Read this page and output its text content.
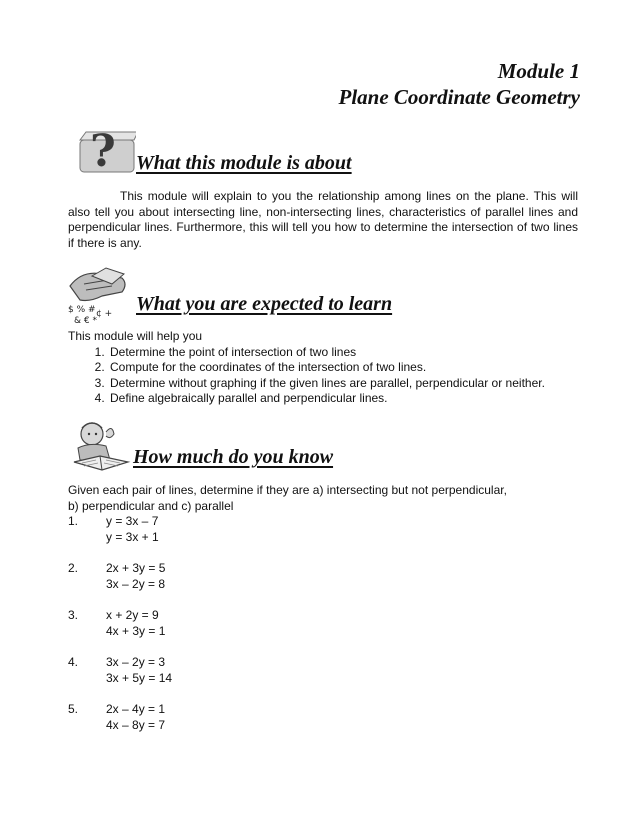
Module 1
Plane Coordinate Geometry
? What this module is about
This module will explain to you the relationship among lines on the plane. This will also tell you about intersecting line, non-intersecting lines, characteristics of parallel lines and perpendicular lines. Furthermore, this will tell you how to determine the intersection of two lines if there is any.
$ % #
& € *
¢ + What you are expected to learn
This module will help you
1. Determine the point of intersection of two lines
2. Compute for the coordinates of the intersection of two lines.
3. Determine without graphing if the given lines are parallel, perpendicular or neither.
4. Define algebraically parallel and perpendicular lines.
How much do you know
Given each pair of lines, determine if they are a) intersecting but not perpendicular,
b) perpendicular and c) parallel
1.	y = 3x – 7
y = 3x + 1
2.	2x + 3y = 5
3x – 2y = 8
3.	x + 2y = 9
4x + 3y = 1
4.	3x – 2y = 3
3x + 5y = 14
5.	2x – 4y = 1
4x – 8y = 7
